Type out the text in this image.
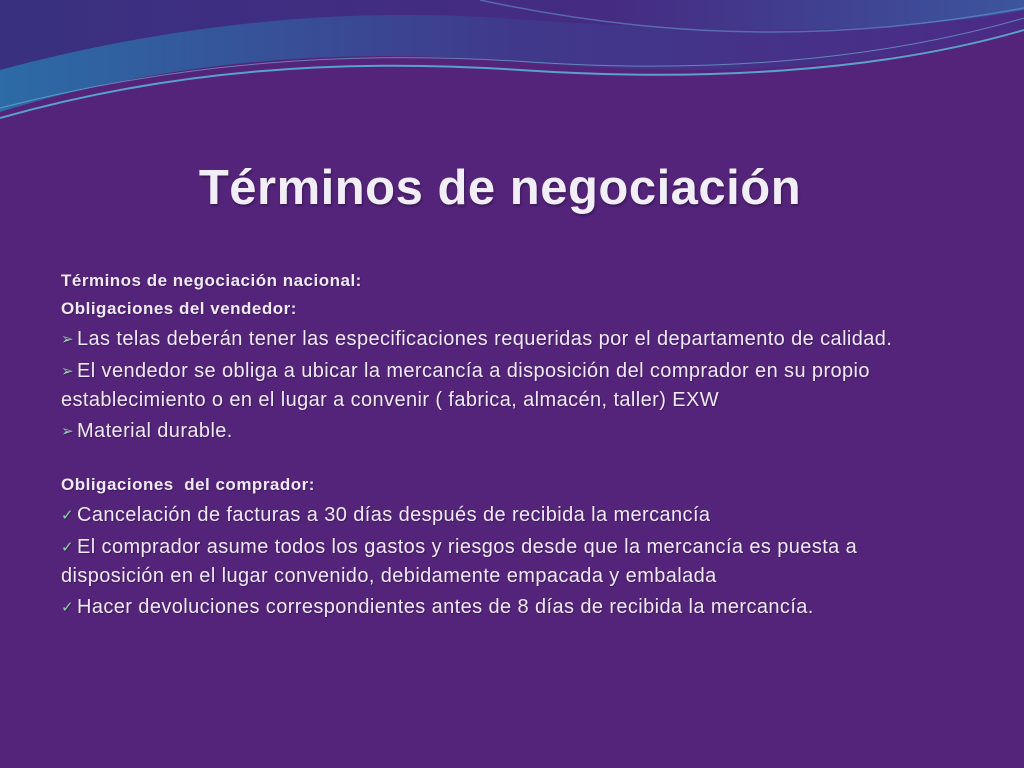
Términos de negociación

Términos de negociación nacional:

Obligaciones del vendedor:

➢ Las telas deberán tener las especificaciones requeridas por el departamento de calidad.
➢ El vendedor se obliga a ubicar la mercancía a disposición del comprador en su propio establecimiento o en el lugar a convenir ( fabrica, almacén, taller) EXW
➢ Material durable.

Obligaciones  del comprador:

✓ Cancelación de facturas a 30 días después de recibida la mercancía
✓ El comprador asume todos los gastos y riesgos desde que la mercancía es puesta a disposición en el lugar convenido, debidamente empacada y embalada
✓ Hacer devoluciones correspondientes antes de 8 días de recibida la mercancía.
